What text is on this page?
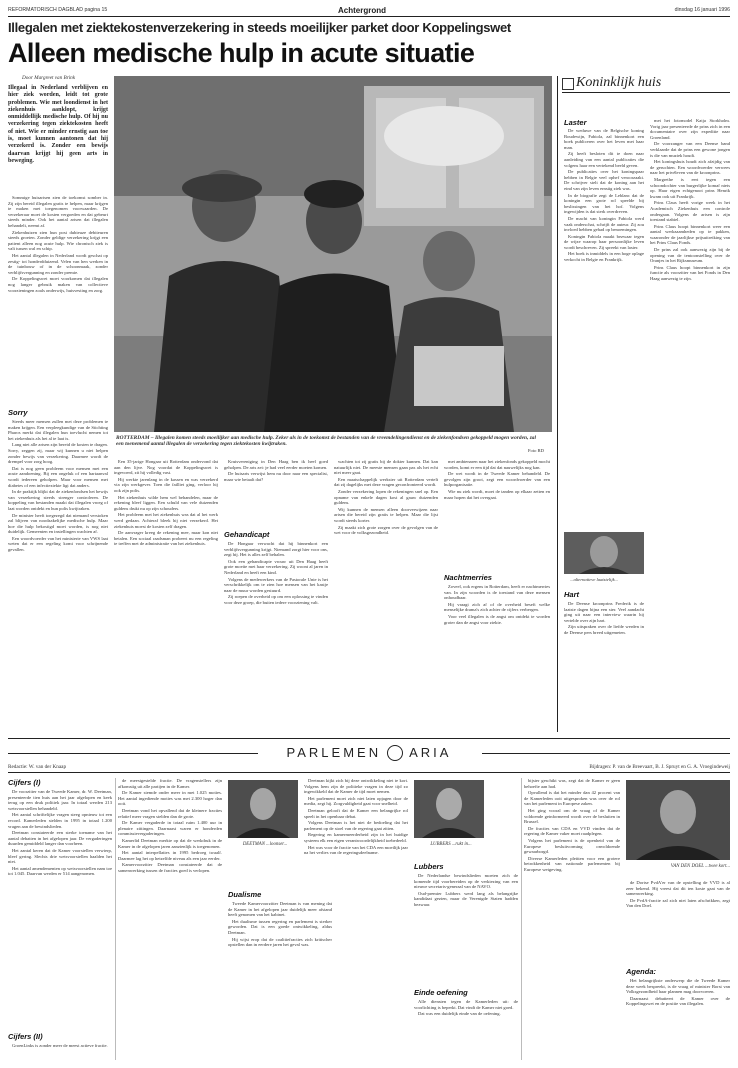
REFORMATORISCH DAGBLAD pagina 15	Achtergrond	dinsdag 16 januari 1996
Illegalen met ziektekostenverzekering in steeds moeilijker parket door Koppelingswet
Alleen medische hulp in acute situatie
Door Margreet van Brink
Illegaal in Nederland verblijven en hier ziek worden, leidt tot grote problemen. Wie met loondienst in het ziekenhuis aanklopt, krijgt onmiddellijk medische hulp. Of hij nu verzekering tegen ziektekosten heeft of niet. Wie er minder ernstig aan toe is, moet kunnen aantonen dat hij verzekerd is. Zonder een bewijs daarvan krijgt hij geen arts in beweging.

Sommige huisartsen zien de toekomst somber in. Zij zijn bereid illegalen gratis te helpen, maar krijgen te maken met toegenomen voorwaarden. De verzekeraar moet de kosten vergoeden en dat gebeurt steeds minder. Ook het aantal artsen dat illegalen behandelt, neemt af.

Ziekenhuizen zien hun post dubieuze debiteuren steeds groeien. Zonder geldige verzekering krijgt een patient alleen nog acute hulp. Wie chronisch ziek is valt tussen wal en schip.

Het aantal illegalen in Nederland wordt geschat op zestig- tot honderdduizend. Velen van hen werken in de tuinbouw of in de schoonmaak, zonder verblijfsvergunning en zonder premie.

De Koppelingswet moet voorkomen dat illegalen nog langer gebruik maken van collectieve voorzieningen zoals onderwijs, huisvesting en zorg.

Sorry

Steeds meer mensen zullen met deze problemen te maken krijgen. Een verpleegkundige van de Stichting Pharos merkt dat illegalen hun toevlucht nemen tot het ziekenhuis als het al te laat is.

Lang niet alle artsen zijn bereid de kosten te dragen. Sorry, zeggen zij, maar wij kunnen u niet helpen zonder bewijs van verzekering. Daarmee wordt de drempel voor zorg hoog.

Dat is nog geen probleem voor mensen met een acute aandoening. Bij een ongeluk of een hartaanval wordt iedereen geholpen. Maar voor mensen met diabetes of een infectieziekte ligt dat anders.

In de praktijk blijkt dat de ziekenfondsen het bewijs van verzekering steeds strenger controleren. De koppeling van bestanden maakt dat illegalen vroeg of laat worden ontdekt en hun polis kwijtraken.

De minister heeft toegezegd dat niemand verstoken zal blijven van noodzakelijke medische hulp. Maar hoe die hulp bekostigd moet worden, is nog niet duidelijk. Gemeenten en instellingen wachten af.

Een woordvoerder van het ministerie van VWS laat weten dat er een regeling komt voor schrijnende gevallen.

ROTTERDAM – Illegalen komen steeds moeilijker aan medische hulp. Zeker als in de toekomst de bestanden van de vreemdelingendienst en de ziekenfondsen gekoppeld mogen worden, zal een toenemend aantal illegalen de verzekering tegen ziektekosten kwijtraken.
Foto RD

Een 35-jarige Hongaar uit Rotterdam ondervond dat aan den lijve. Nog voordat de Koppelingswet is ingevoerd, zit hij volledig vast.

Hij werkte jarenlang in de kassen en was verzekerd via zijn werkgever. Toen die failliet ging, verloor hij ook zijn polis.

Het ziekenhuis wilde hem wel behandelen, maar de rekening bleef liggen. Een schuld van vele duizenden guldens drukt nu op zijn schouders.

Het probleem met het ziekenhuis was dat al het werk werd gedaan. Achteraf bleek hij niet verzekerd. Het ziekenhuis moest de kosten zelf dragen.

De aanvrager kreeg de rekening mee, maar kon niet betalen. Een sociaal raadsman probeert nu een regeling te treffen met de administratie van het ziekenhuis.

Kruisvereniging in Den Haag ben ik heel goed geholpen. De arts zei: je had veel eerder moeten komen.

De huisarts verwijst hem nu door naar een specialist, maar wie betaalt dat?

Gehandicapt

De Hongaar verwacht dat hij binnenkort een verblijfsvergunning krijgt. Niemand zorgt hier voor ons, zegt hij. Het is alles zelf behalen.

Ook een gehandicapte vrouw uit Den Haag heeft grote moeite met haar verzekering. Zij woont al jaren in Nederland en heeft een kind.

Volgens de medewerkers van de Pastorale Unie is het verschrikkelijk om te zien hoe mensen van het kastje naar de muur worden gestuurd.

Zij roepen de overheid op om een oplossing te vinden voor deze groep, die buiten iedere voorziening valt.

wachten tot zij gratis bij de dokter kunnen. Dat kan natuurlijk niet. De meeste mensen gaan pas als het echt niet meer gaat.

Een maatschappelijk werkster uit Rotterdam vertelt dat zij dagelijks met deze vragen geconfronteerd wordt.

Zonder verzekering lopen de rekeningen snel op. Een opname van enkele dagen kost al gauw duizenden guldens.

Wij kunnen de mensen alleen doorverwijzen naar artsen die bereid zijn gratis te helpen. Maar die lijst wordt steeds korter.

Zij maakt zich grote zorgen over de gevolgen van de wet voor de volksgezondheid.

met ambtenaren naar het ziekenfonds gekoppeld mocht worden, komt er een tijd dat dat nauwelijks nog kan.

De wet wordt in de Tweede Kamer behandeld. De gevolgen zijn groot, zegt een woordvoerder van een hulporganisatie.

Wie nu ziek wordt, moet de tanden op elkaar zetten en maar hopen dat het overgaat.

Nachtmerries

Zoveel, ook ergens in Rotterdam, heeft er nachtmerries van. In zijn woorden is de toestand van deze mensen onhoudbaar.

Hij vraagt zich af of de overheid beseft welke menselijke drama's zich achter de cijfers verbergen.

Voor veel illegalen is de angst om ontdekt te worden groter dan de angst voor ziekte.

Koninklijk huis
Laster

De weduwe van de Belgische koning Boudewijn, Fabiola, zal binnenkort een boek publiceren over het leven met haar man.

Zij heeft besloten dit te doen naar aanleiding van een aantal publicaties die volgens haar een vertekend beeld geven.

De publicaties over het koningspaar hebben in Belgie veel ophef veroorzaakt. De schrijver stelt dat de koning aan het eind van zijn leven ernstig ziek was.

In de biografie zegt de Leblanc dat de koningin een grote rol speelde bij beslissingen van het hof. Volgens ingewijden is dat sterk overdreven.

De macht van koningin Fabiola werd vaak onderschat, schrijft de auteur. Zij zou invloed hebben gehad op benoemingen.

Koningin Fabiola maakt bezwaar tegen de wijze waarop haar persoonlijke leven wordt beschreven. Zij spreekt van laster.

Het boek is inmiddels in een hoge oplage verkocht in Belgie en Frankrijk.

...alternatieve laatstelijk...
Hart

De Deense kroonprins Frederik is de laatste dagen bijna een ster. Veel aandacht ging uit naar een interview waarin hij vertelde over zijn hart.

Zijn uitspraken over de liefde werden in de Deense pers breed uitgemeten.

met het fotomodel Katja Storkholm. Vorig jaar presenteerde de prins zich in een documentaire over zijn expeditie naar Groenland.

De voorzanger van een Deense band verklaarde dat de prins een gewone jongen is die van muziek houdt.

Het koningshuis houdt zich afzijdig van de geruchten. Een woordvoerder verwees naar het privéleven van de kroonprins.

Margrethe is eert tegen een schoondochter van burgerlijke komaf niets op. Haar eigen echtgenoot prins Henrik kwam ook uit Frankrijk.

Prins Claus heeft vorige week in het Academisch Ziekenhuis een controle ondergaan. Volgens de artsen is zijn toestand stabiel.

Prins Claus hoopt binnenkort weer een aantal werkzaamheden op te pakken, waaronder de jaarlijkse prijsuitreiking van het Prins Claus Fonds.

De prins zal ook aanwezig zijn bij de opening van de tentoonstelling over de Oranjes in het Rijksmuseum.

Prins Claus hoopt binnenkort in zijn functie als voorzitter van het Fonds in Den Haag aanwezig te zijn.

PARLEMEN ARIA
Redactie: W. van der Knaap	Bijdragen: P. van de Breevaart, B. J. Spruyt en G. A. Vroegindeweij
Cijfers (I)

De voorzitter van de Tweede Kamer, dr. W. Deetman, presenteerde tien huis aan het jaar afgelopen en keek terug op een druk politiek jaar. In totaal werden 213 wetsvoorstellen behandeld.

Het aantal schriftelijke vragen steeg opnieuw tot een record. Kamerleden stelden in 1995 in totaal 1.200 vragen aan de bewindslieden.

Deetman constateerde een sterke toename van het aantal debatten in het afgelopen jaar. De vergaderingen duurden gemiddeld langer dan voorheen.

Het aantal keren dat de Kamer voorstellen verwierp, bleef gering. Slechts drie wetsvoorstellen haalden het niet.

Het aantal amendementen op wetsvoorstellen nam toe tot 1.045. Daarvan werden er 514 aangenomen.

Cijfers (II)

GroenLinks is zonder meer de meest actieve fractie.

de meestgestelde fractie. De vragenstellers zijn afkomstig uit alle partijen in de Kamer.

De Kamer stemde onder meer in met 1.025 moties. Het aantal ingediende moties was met 2.300 hoger dan ooit.

Deetman vond het opvallend dat de kleinere fracties relatief meer vragen stelden dan de grote.

De Kamer vergaderde in totaal ruim 1.400 uur in plenaire zittingen. Daarnaast waren er honderden commissievergaderingen.

Kamerlid Deetman merkte op dat de werkdruk in de Kamer in de afgelopen jaren aanzienlijk is toegenomen.

Het aantal interpellaties in 1995 bedroeg twaalf. Daarmee lag het op hetzelfde niveau als een jaar eerder.

Kamervoorzitter Deetman constateerde dat de samenwerking tussen de fracties goed is verlopen.

DEETMAN ...loonser...
Dualisme

Tweede Kamervoorzitter Deetman is van mening dat de Kamer in het afgelopen jaar duidelijk meer afstand heeft genomen van het kabinet.

Het dualisme tussen regering en parlement is sterker geworden. Dat is een goede ontwikkeling, aldus Deetman.

Hij wijst erop dat de coalitiefracties zich kritischer opstellen dan in eerdere jaren het geval was.

Deetman kijkt zich bij deze ontwikkeling niet te kort. Volgens hem zijn de politieke vragen in deze tijd zo ingewikkeld dat de Kamer de tijd moet nemen.

Het parlement moet zich niet laten opjagen door de media, zegt hij. Zorgvuldigheid gaat voor snelheid.

Deetman gelooft dat de Kamer een belangrijke rol speelt in het openbaar debat.

Volgens Deetman is het niet de bedoeling dat het parlement op de stoel van de regering gaat zitten.

Regering en kamermeerderheid zijn in het huidige systeem elk een eigen verantwoordelijkheid toebedeeld.

Het was voor de fractie van het CDA een moeilijk jaar na het verlies van de regeringsdeelname.

LUBBERS ...rukt in...
Lubbers

De Nederlandse bewindslieden moeten zich de komende tijd voorbereiden op de verkiezing van een nieuwe secretaris-generaal van de NAVO.

Oud-premier Lubbers werd lang als belangrijke kandidaat gezien, maar de Verenigde Staten hadden bezwaar.

Einde oefening

Alle diensten tegen de Kamerleden uit: de voorlichting is beperkt. Dat vindt de Kamer niet goed.

Dat was een duidelijk einde van de oefening.

bijster geschikt was, zegt dat de Kamer er geen behoefte aan had.

Opvallend is dat het minder dan 42 procent van de Kamerleden ooit uitgesproken was over de rol van het parlement in Europese zaken.

Het ging vooral om de vraag of de Kamer voldoende geinformeerd wordt over de besluiten in Brussel.

De fracties van CDA en VVD vinden dat de regering de Kamer vaker moet raadplegen.

Volgens het parlement is de openheid van de Europese besluitvorming onvoldoende gewaarborgd.

Diverse Kamerleden pleitten voor een grotere betrokkenheid van nationale parlementen bij Europese wetgeving.

VAN DEN DOEL ...twee kort...

de Dortse PvdA'er van de opstelling de VVD is al zeer bekend. Hij vreest dat dit ten koste gaat van de samenwerking.

De PvdA-fractie zal zich niet laten afschrikken, zegt Van den Doel.

Agenda:

Het belangrijkste onderwerp die de Tweede Kamer deze week bespreekt, is de vraag of minister Borst van Volksgezondheid haar plannen mag doorvoeren.

Daarnaast debatteert de Kamer over de Koppelingswet en de positie van illegalen.
